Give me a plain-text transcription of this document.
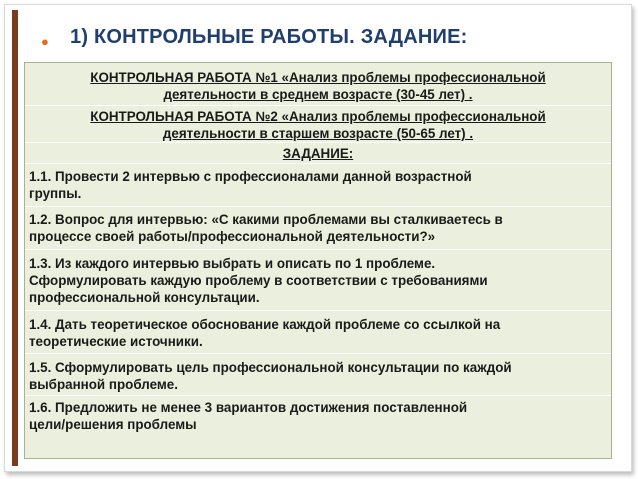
● 1) КОНТРОЛЬНЫЕ РАБОТЫ. ЗАДАНИЕ:
КОНТРОЛЬНАЯ РАБОТА №1 «Анализ проблемы профессиональной
деятельности в среднем возрасте (30-45 лет) .
КОНТРОЛЬНАЯ РАБОТА №2 «Анализ проблемы профессиональной
деятельности в старшем возрасте (50-65 лет) .
ЗАДАНИЕ:
1.1. Провести 2 интервью с профессионалами данной возрастной
группы.
1.2. Вопрос для интервью: «С какими проблемами вы сталкиваетесь в
процессе своей работы/профессиональной деятельности?»
1.3. Из каждого интервью выбрать и описать по 1 проблеме.
Сформулировать каждую проблему в соответствии с требованиями
профессиональной консультации.
1.4. Дать теоретическое обоснование каждой проблеме со ссылкой на
теоретические источники.
1.5. Сформулировать цель профессиональной консультации по каждой
выбранной проблеме.
1.6. Предложить не менее 3 вариантов достижения поставленной
цели/решения проблемы
